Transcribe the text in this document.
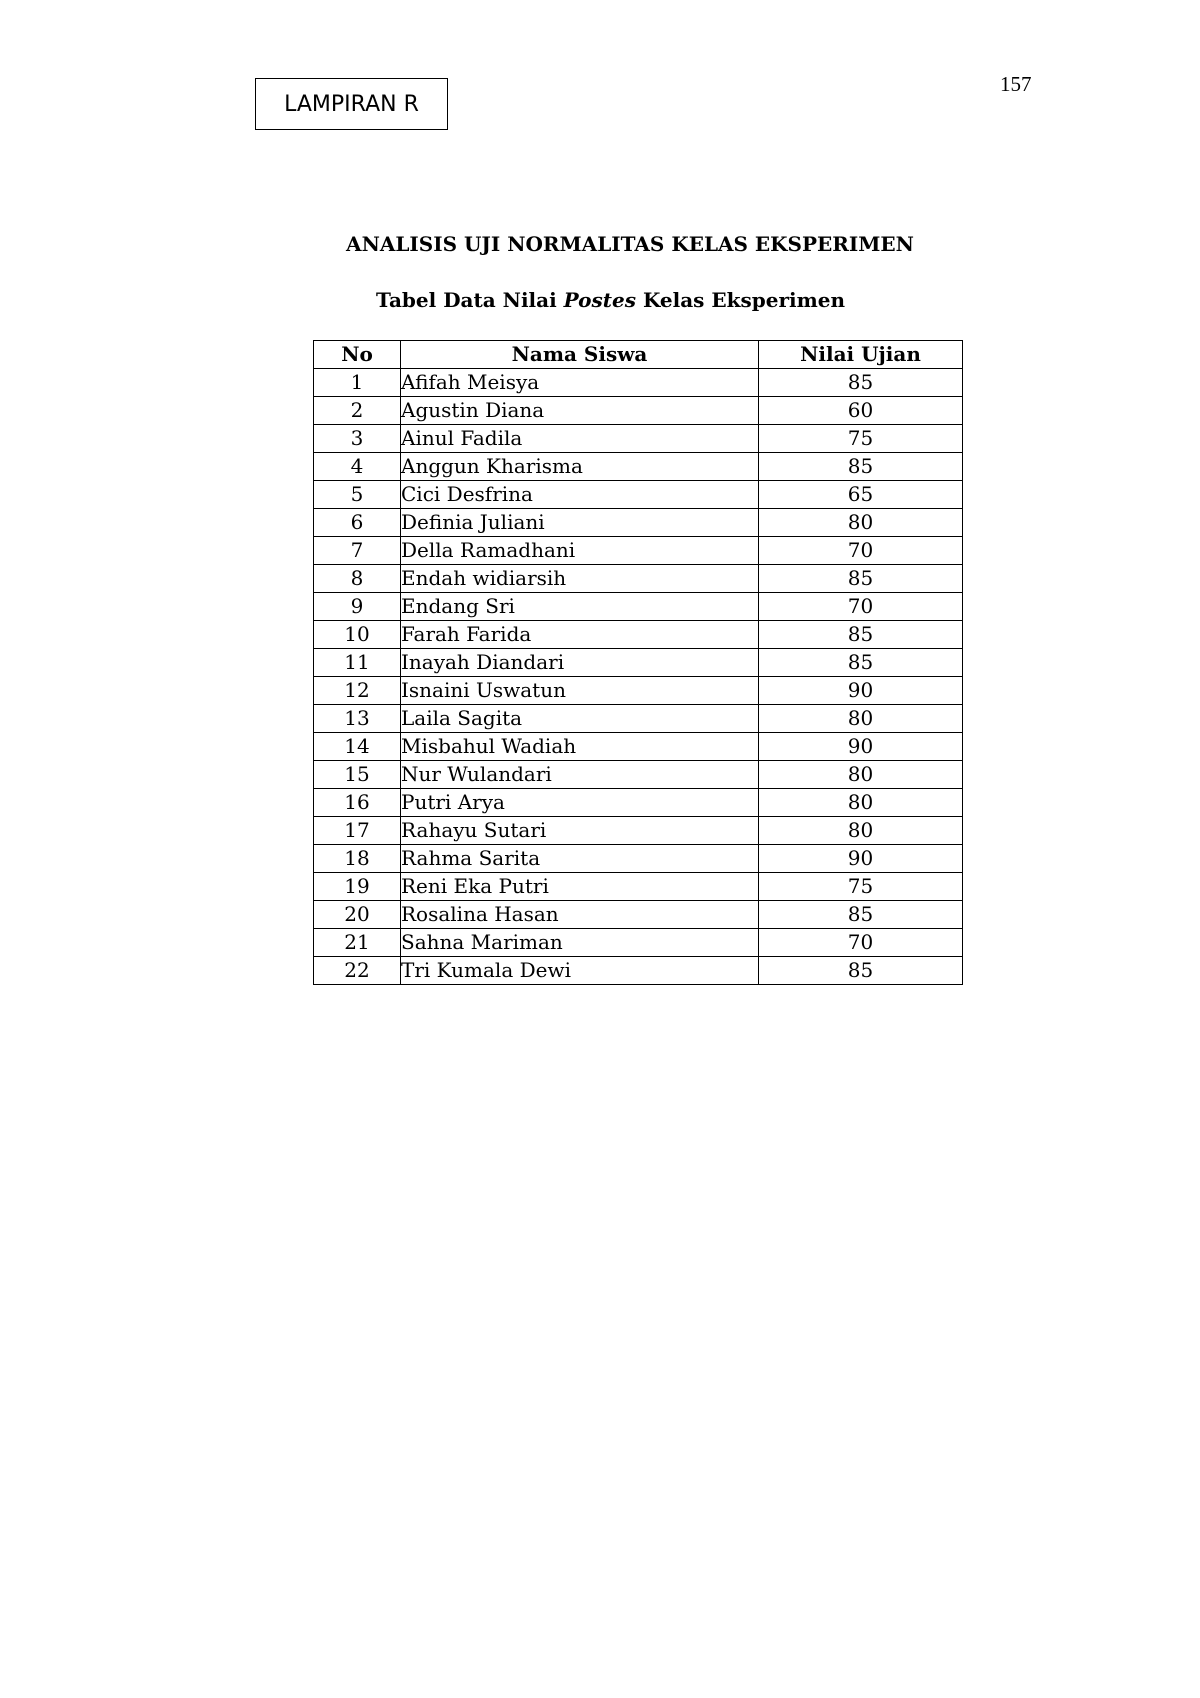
157
LAMPIRAN R
ANALISIS UJI NORMALITAS KELAS EKSPERIMEN
Tabel Data Nilai Postes Kelas Eksperimen
No	Nama Siswa	Nilai Ujian
1	Afifah Meisya	85
2	Agustin Diana	60
3	Ainul Fadila	75
4	Anggun Kharisma	85
5	Cici Desfrina	65
6	Definia Juliani	80
7	Della Ramadhani	70
8	Endah widiarsih	85
9	Endang Sri	70
10	Farah Farida	85
11	Inayah Diandari	85
12	Isnaini Uswatun	90
13	Laila Sagita	80
14	Misbahul Wadiah	90
15	Nur Wulandari	80
16	Putri Arya	80
17	Rahayu Sutari	80
18	Rahma Sarita	90
19	Reni Eka Putri	75
20	Rosalina Hasan	85
21	Sahna Mariman	70
22	Tri Kumala Dewi	85
